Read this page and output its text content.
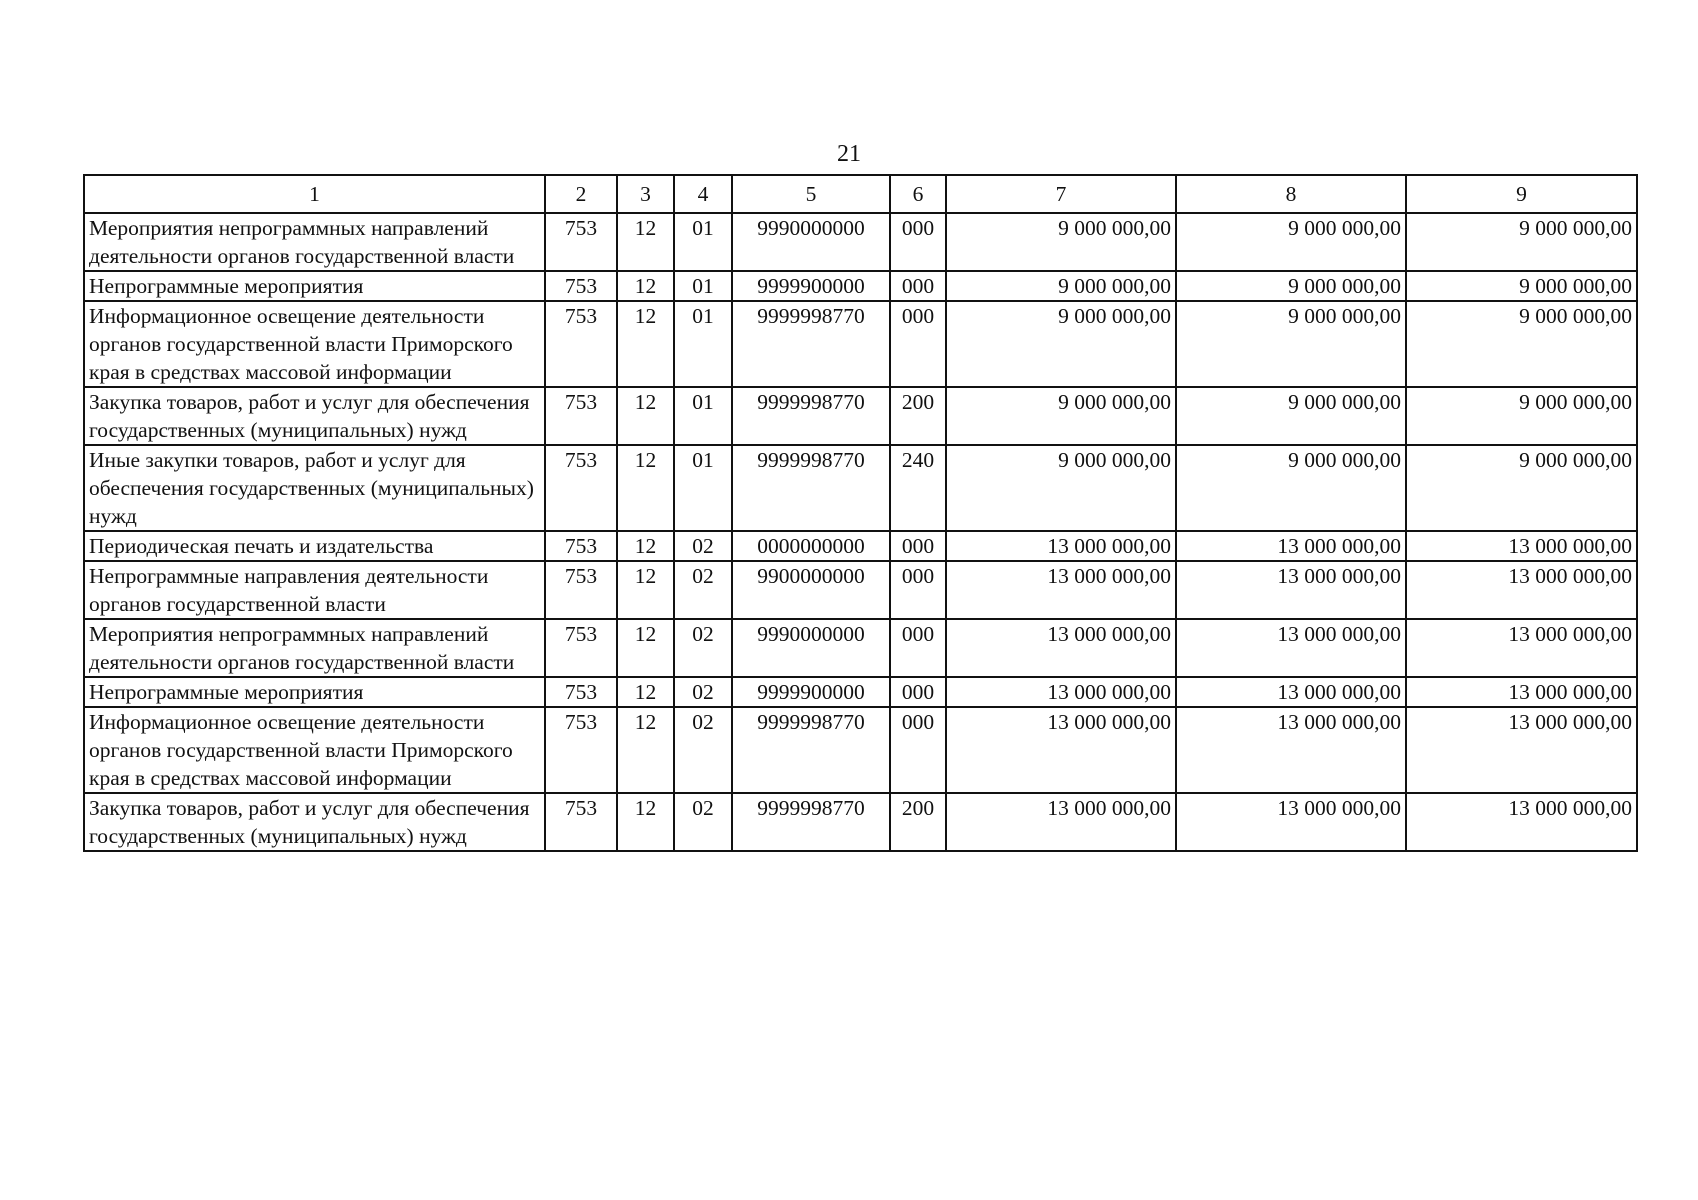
21
1	2	3	4	5	6	7	8	9
Мероприятия непрограммных направлений деятельности органов государственной власти	753	12	01	9990000000	000	9 000 000,00	9 000 000,00	9 000 000,00
Непрограммные мероприятия	753	12	01	9999900000	000	9 000 000,00	9 000 000,00	9 000 000,00
Информационное освещение деятельности органов государственной власти Приморского края в средствах массовой информации	753	12	01	9999998770	000	9 000 000,00	9 000 000,00	9 000 000,00
Закупка товаров, работ и услуг для обеспечения государственных (муниципальных) нужд	753	12	01	9999998770	200	9 000 000,00	9 000 000,00	9 000 000,00
Иные закупки товаров, работ и услуг для обеспечения государственных (муниципальных) нужд	753	12	01	9999998770	240	9 000 000,00	9 000 000,00	9 000 000,00
Периодическая печать и издательства	753	12	02	0000000000	000	13 000 000,00	13 000 000,00	13 000 000,00
Непрограммные направления деятельности органов государственной власти	753	12	02	9900000000	000	13 000 000,00	13 000 000,00	13 000 000,00
Мероприятия непрограммных направлений деятельности органов государственной власти	753	12	02	9990000000	000	13 000 000,00	13 000 000,00	13 000 000,00
Непрограммные мероприятия	753	12	02	9999900000	000	13 000 000,00	13 000 000,00	13 000 000,00
Информационное освещение деятельности органов государственной власти Приморского края в средствах массовой информации	753	12	02	9999998770	000	13 000 000,00	13 000 000,00	13 000 000,00
Закупка товаров, работ и услуг для обеспечения государственных (муниципальных) нужд	753	12	02	9999998770	200	13 000 000,00	13 000 000,00	13 000 000,00
